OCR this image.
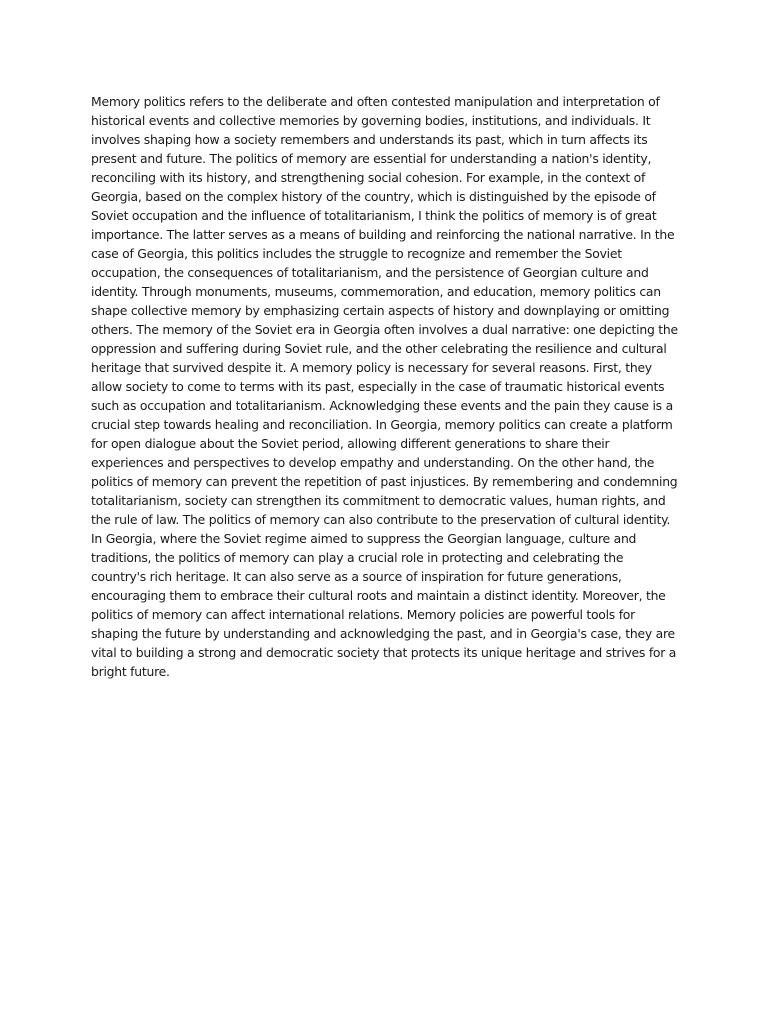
Memory politics refers to the deliberate and often contested manipulation and interpretation of historical events and collective memories by governing bodies, institutions, and individuals. It involves shaping how a society remembers and understands its past, which in turn affects its present and future. The politics of memory are essential for understanding a nation's identity, reconciling with its history, and strengthening social cohesion. For example, in the context of Georgia, based on the complex history of the country, which is distinguished by the episode of Soviet occupation and the influence of totalitarianism, I think the politics of memory is of great importance. The latter serves as a means of building and reinforcing the national narrative. In the case of Georgia, this politics includes the struggle to recognize and remember the Soviet occupation, the consequences of totalitarianism, and the persistence of Georgian culture and identity. Through monuments, museums, commemoration, and education, memory politics can shape collective memory by emphasizing certain aspects of history and downplaying or omitting others. The memory of the Soviet era in Georgia often involves a dual narrative: one depicting the oppression and suffering during Soviet rule, and the other celebrating the resilience and cultural heritage that survived despite it. A memory policy is necessary for several reasons. First, they allow society to come to terms with its past, especially in the case of traumatic historical events such as occupation and totalitarianism. Acknowledging these events and the pain they cause is a crucial step towards healing and reconciliation. In Georgia, memory politics can create a platform for open dialogue about the Soviet period, allowing different generations to share their experiences and perspectives to develop empathy and understanding. On the other hand, the politics of memory can prevent the repetition of past injustices. By remembering and condemning totalitarianism, society can strengthen its commitment to democratic values, human rights, and the rule of law. The politics of memory can also contribute to the preservation of cultural identity. In Georgia, where the Soviet regime aimed to suppress the Georgian language, culture and traditions, the politics of memory can play a crucial role in protecting and celebrating the country's rich heritage. It can also serve as a source of inspiration for future generations, encouraging them to embrace their cultural roots and maintain a distinct identity. Moreover, the politics of memory can affect international relations. Memory policies are powerful tools for shaping the future by understanding and acknowledging the past, and in Georgia's case, they are vital to building a strong and democratic society that protects its unique heritage and strives for a bright future.
